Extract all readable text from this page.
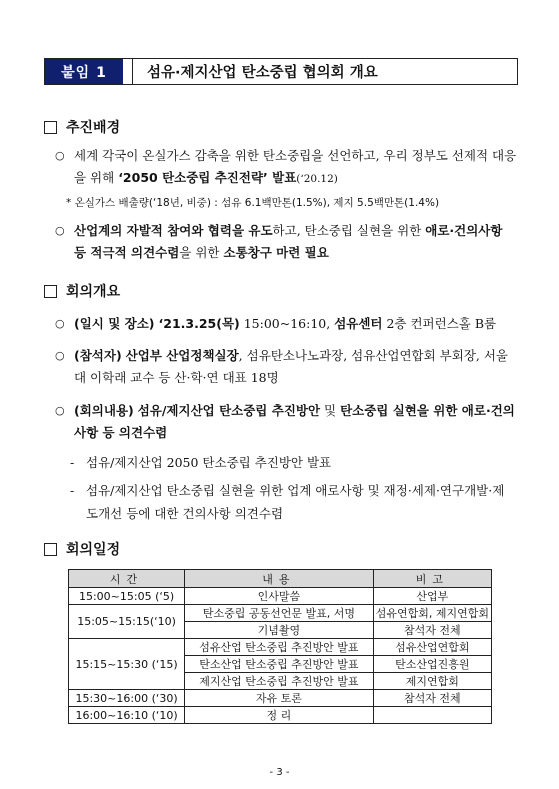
붙임 1	섬유·제지산업 탄소중립 협의회 개요
추진배경
○ 세계 각국이 온실가스 감축을 위한 탄소중립을 선언하고, 우리 정부도 선제적 대응을 위해 ‘2050 탄소중립 추진전략’ 발표(‘20.12)
* 온실가스 배출량(‘18년, 비중) : 섬유 6.1백만톤(1.5%), 제지 5.5백만톤(1.4%)
○ 산업계의 자발적 참여와 협력을 유도하고, 탄소중립 실현을 위한 애로·건의사항 등 적극적 의견수렴을 위한 소통창구 마련 필요
회의개요
○ (일시 및 장소) ‘21.3.25(목) 15:00~16:10, 섬유센터 2층 컨퍼런스홀 B룸
○ (참석자) 산업부 산업정책실장, 섬유탄소나노과장, 섬유산업연합회 부회장, 서울대 이학래 교수 등 산·학·연 대표 18명
○ (회의내용) 섬유/제지산업 탄소중립 추진방안 및 탄소중립 실현을 위한 애로·건의사항 등 의견수렴
- 섬유/제지산업 2050 탄소중립 추진방안 발표
- 섬유/제지산업 탄소중립 실현을 위한 업계 애로사항 및 재정·세제·연구개발·제도개선 등에 대한 건의사항 의견수렴
회의일정
시간	내용	비고
15:00~15:05 (‘5)	인사말씀	산업부
15:05~15:15(‘10)	탄소중립 공동선언문 발표, 서명	섬유연합회, 제지연합회
	기념촬영	참석자 전체
15:15~15:30 (‘15)	섬유산업 탄소중립 추진방안 발표	섬유산업연합회
	탄소산업 탄소중립 추진방안 발표	탄소산업진흥원
	제지산업 탄소중립 추진방안 발표	제지연합회
15:30~16:00 (‘30)	자유 토론	참석자 전체
16:00~16:10 (‘10)	정 리	
- 3 -
